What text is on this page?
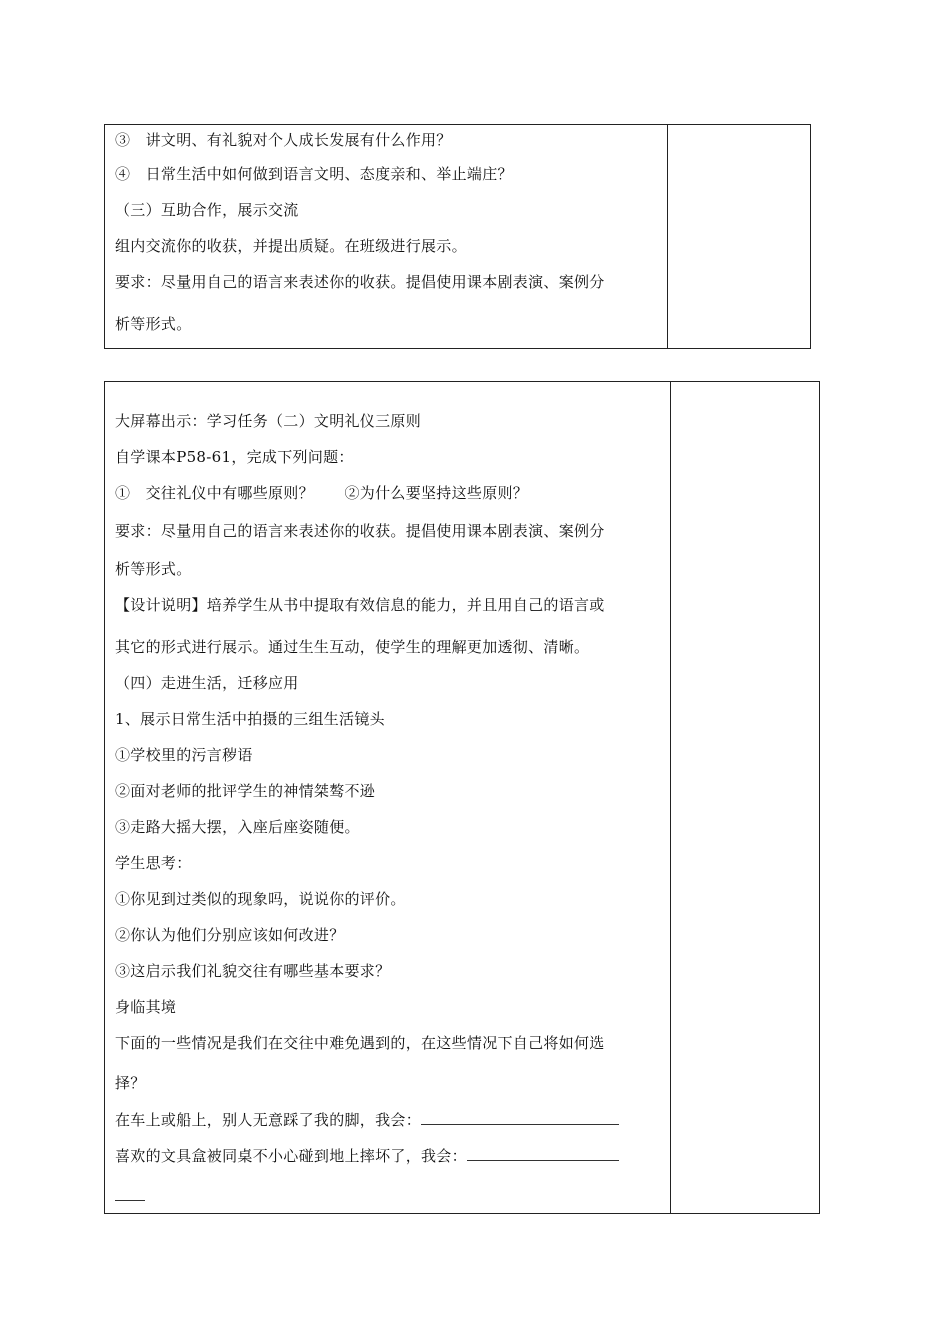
③　讲文明、有礼貌对个人成长发展有什么作用？
④　日常生活中如何做到语言文明、态度亲和、举止端庄？
（三）互助合作，展示交流
组内交流你的收获，并提出质疑。在班级进行展示。
要求：尽量用自己的语言来表述你的收获。提倡使用课本剧表演、案例分
析等形式。
大屏幕出示：学习任务（二）文明礼仪三原则
自学课本P58-61，完成下列问题：
①　交往礼仪中有哪些原则？　　②为什么要坚持这些原则？
要求：尽量用自己的语言来表述你的收获。提倡使用课本剧表演、案例分
析等形式。
【设计说明】培养学生从书中提取有效信息的能力，并且用自己的语言或
其它的形式进行展示。通过生生互动，使学生的理解更加透彻、清晰。
（四）走进生活，迁移应用
1、展示日常生活中拍摄的三组生活镜头
①学校里的污言秽语
②面对老师的批评学生的神情桀骜不逊
③走路大摇大摆，入座后座姿随便。
学生思考：
①你见到过类似的现象吗，说说你的评价。
②你认为他们分别应该如何改进？
③这启示我们礼貌交往有哪些基本要求？
身临其境
下面的一些情况是我们在交往中难免遇到的，在这些情况下自己将如何选
择？
在车上或船上，别人无意踩了我的脚，我会：
喜欢的文具盒被同桌不小心碰到地上摔坏了，我会：
